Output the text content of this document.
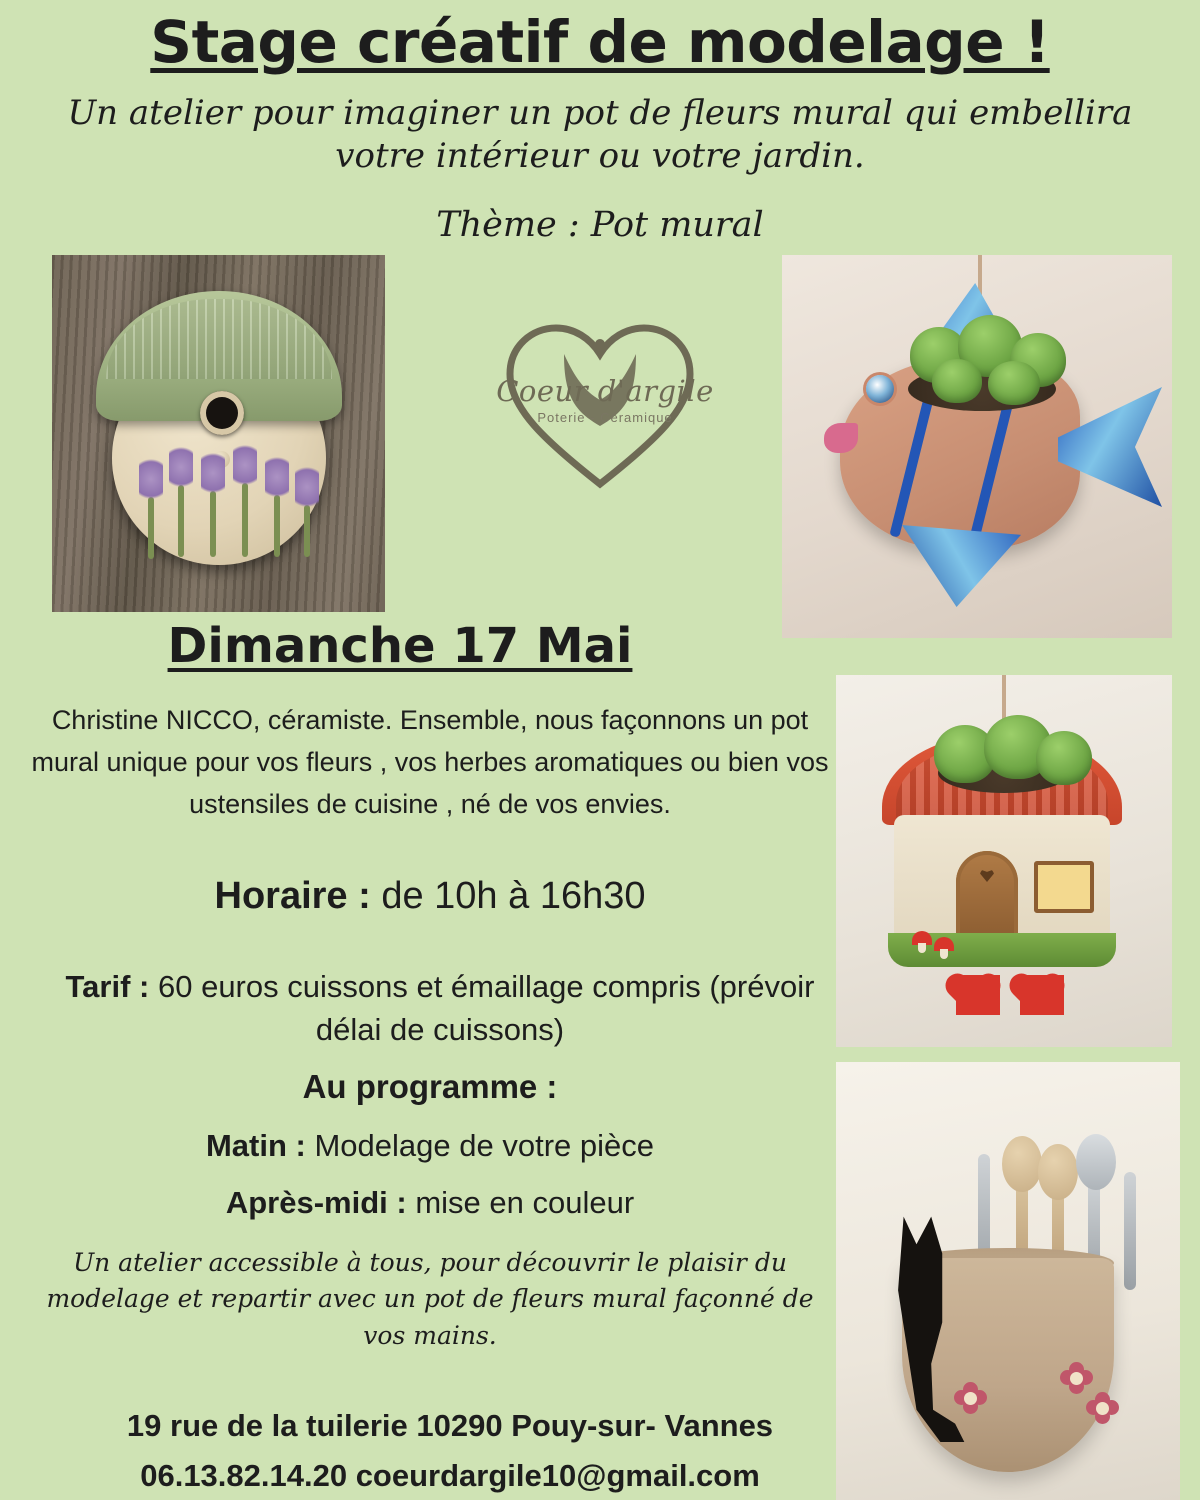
Stage créatif de modelage !
Un atelier pour imaginer un pot de fleurs mural qui embellira votre intérieur ou votre jardin.
Thème : Pot mural
Coeur d'argile
Poterie - Céramique
Dimanche 17 Mai
Christine NICCO, céramiste. Ensemble, nous façonnons un pot mural unique pour vos fleurs , vos herbes aromatiques ou bien vos ustensiles de cuisine , né de vos envies.
Horaire : de 10h à 16h30
Tarif : 60 euros cuissons et émaillage compris (prévoir délai de cuissons)
Au programme :
Matin : Modelage de votre pièce
Après-midi : mise en couleur
Un atelier accessible à tous, pour découvrir le plaisir du modelage et repartir avec un pot de fleurs mural façonné de vos mains.
19 rue de la tuilerie 10290 Pouy-sur- Vannes
06.13.82.14.20 coeurdargile10@gmail.com
